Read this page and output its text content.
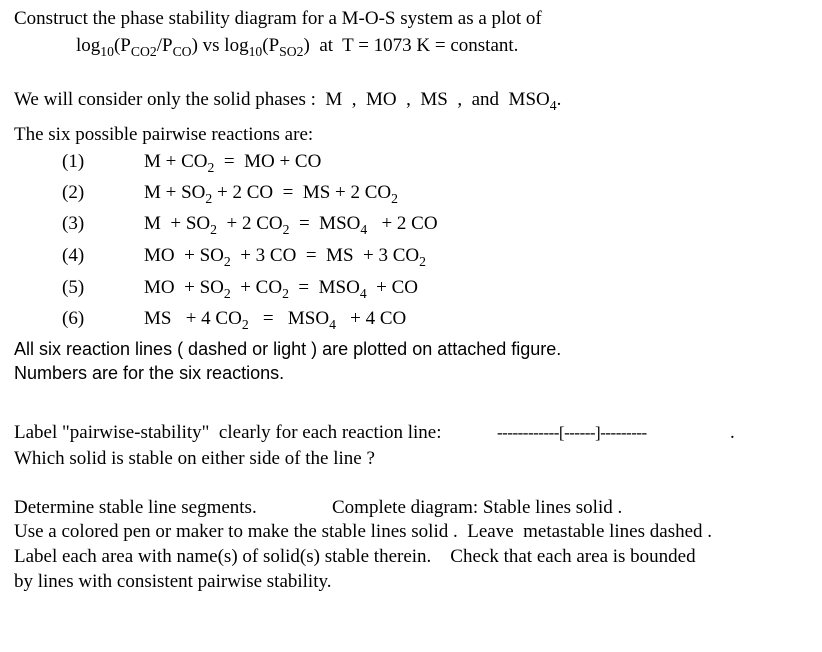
Construct the phase stability diagram for a M-O-S system as a plot of
$\log_{10}(P_{CO2}/P_{CO})$ vs $\log_{10}(P_{SO2})$  at  T = 1073 K = constant.
We will consider only the solid phases :  M  ,  MO  ,  MS  ,  and  $MSO_4$.
The six possible pairwise reactions are:
(1)	$M + CO_2$  =  MO + CO
(2)	$M + SO_2 + 2$ CO  =  MS + 2 $CO_2$
(3)	$M + SO_2 + 2$ $CO_2 = MSO_4 + 2$ CO
(4)	MO  + $SO_2 + 3$ CO  =  MS  + 3 $CO_2$
(5)	MO  + $SO_2 + CO_2 = MSO_4$  + CO
(6)	MS   + 4 $CO_2 = MSO_4 + 4$ CO
All six reaction lines ( dashed or light ) are plotted on attached figure.
Numbers are for the six reactions.
Label "pairwise-stability"  clearly for each reaction line:	------------[------]---------	.
Which solid is stable on either side of the line ?
Determine stable line segments.	Complete diagram: Stable lines solid .
Use a colored pen or maker to make the stable lines solid .  Leave  metastable lines dashed .
Label each area with name(s) of solid(s) stable therein.    Check that each area is bounded
by lines with consistent pairwise stability.
